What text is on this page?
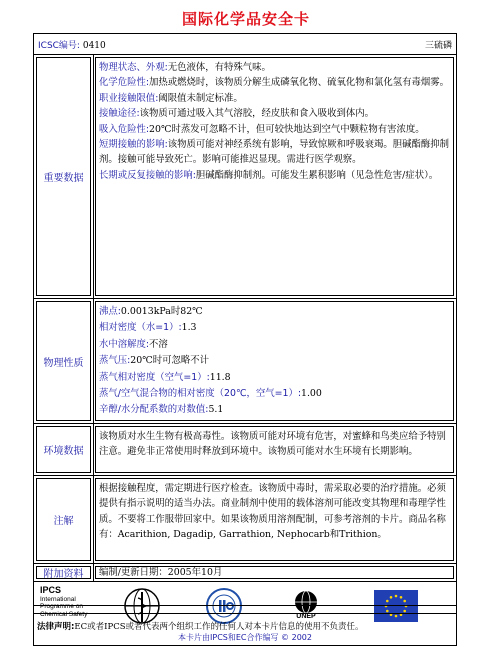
国际化学品安全卡
ICSC编号: 0410	三硫磷
重要数据
物理状态、外观:无色液体，有特殊气味。
化学危险性:加热或燃烧时，该物质分解生成磷氧化物、硫氧化物和氯化氢有毒烟雾。
职业接触限值:阈限值未制定标准。
接触途径:该物质可通过吸入其气溶胶，经皮肤和食入吸收到体内。
吸入危险性:20℃时蒸发可忽略不计，但可较快地达到空气中颗粒物有害浓度。
短期接触的影响:该物质可能对神经系统有影响，导致惊厥和呼吸衰竭。胆碱酯酶抑制剂。接触可能导致死亡。影响可能推迟显现。需进行医学观察。
长期或反复接触的影响:胆碱酯酶抑制剂。可能发生累积影响（见急性危害/症状）。
物理性质
沸点:0.0013kPa时82℃
相对密度（水=1）:1.3
水中溶解度:不溶
蒸气压:20℃时可忽略不计
蒸气相对密度（空气=1）:11.8
蒸气/空气混合物的相对密度（20℃，空气=1）:1.00
辛醇/水分配系数的对数值:5.1
环境数据
该物质对水生生物有极高毒性。该物质可能对环境有危害，对蜜蜂和鸟类应给予特别注意。避免非正常使用时释放到环境中。该物质可能对水生环境有长期影响。
注解
根据接触程度，需定期进行医疗检查。该物质中毒时，需采取必要的治疗措施。必须提供有指示说明的适当办法。商业制剂中使用的载体溶剂可能改变其物理和毒理学性质。不要将工作服带回家中。如果该物质用溶剂配制，可参考溶剂的卡片。商品名称有：Acarithion, Dagadip, Garrathion, Nephocarb和Trithion。
附加资料	编制/更新日期：2005年10月
IPCS
International
Programme on
Chemical Safety	UNEP
本卡片由IPCS和EC合作编写 © 2002
法律声明:EC或者IPCS或者代表两个组织工作的任何人对本卡片信息的使用不负责任。
